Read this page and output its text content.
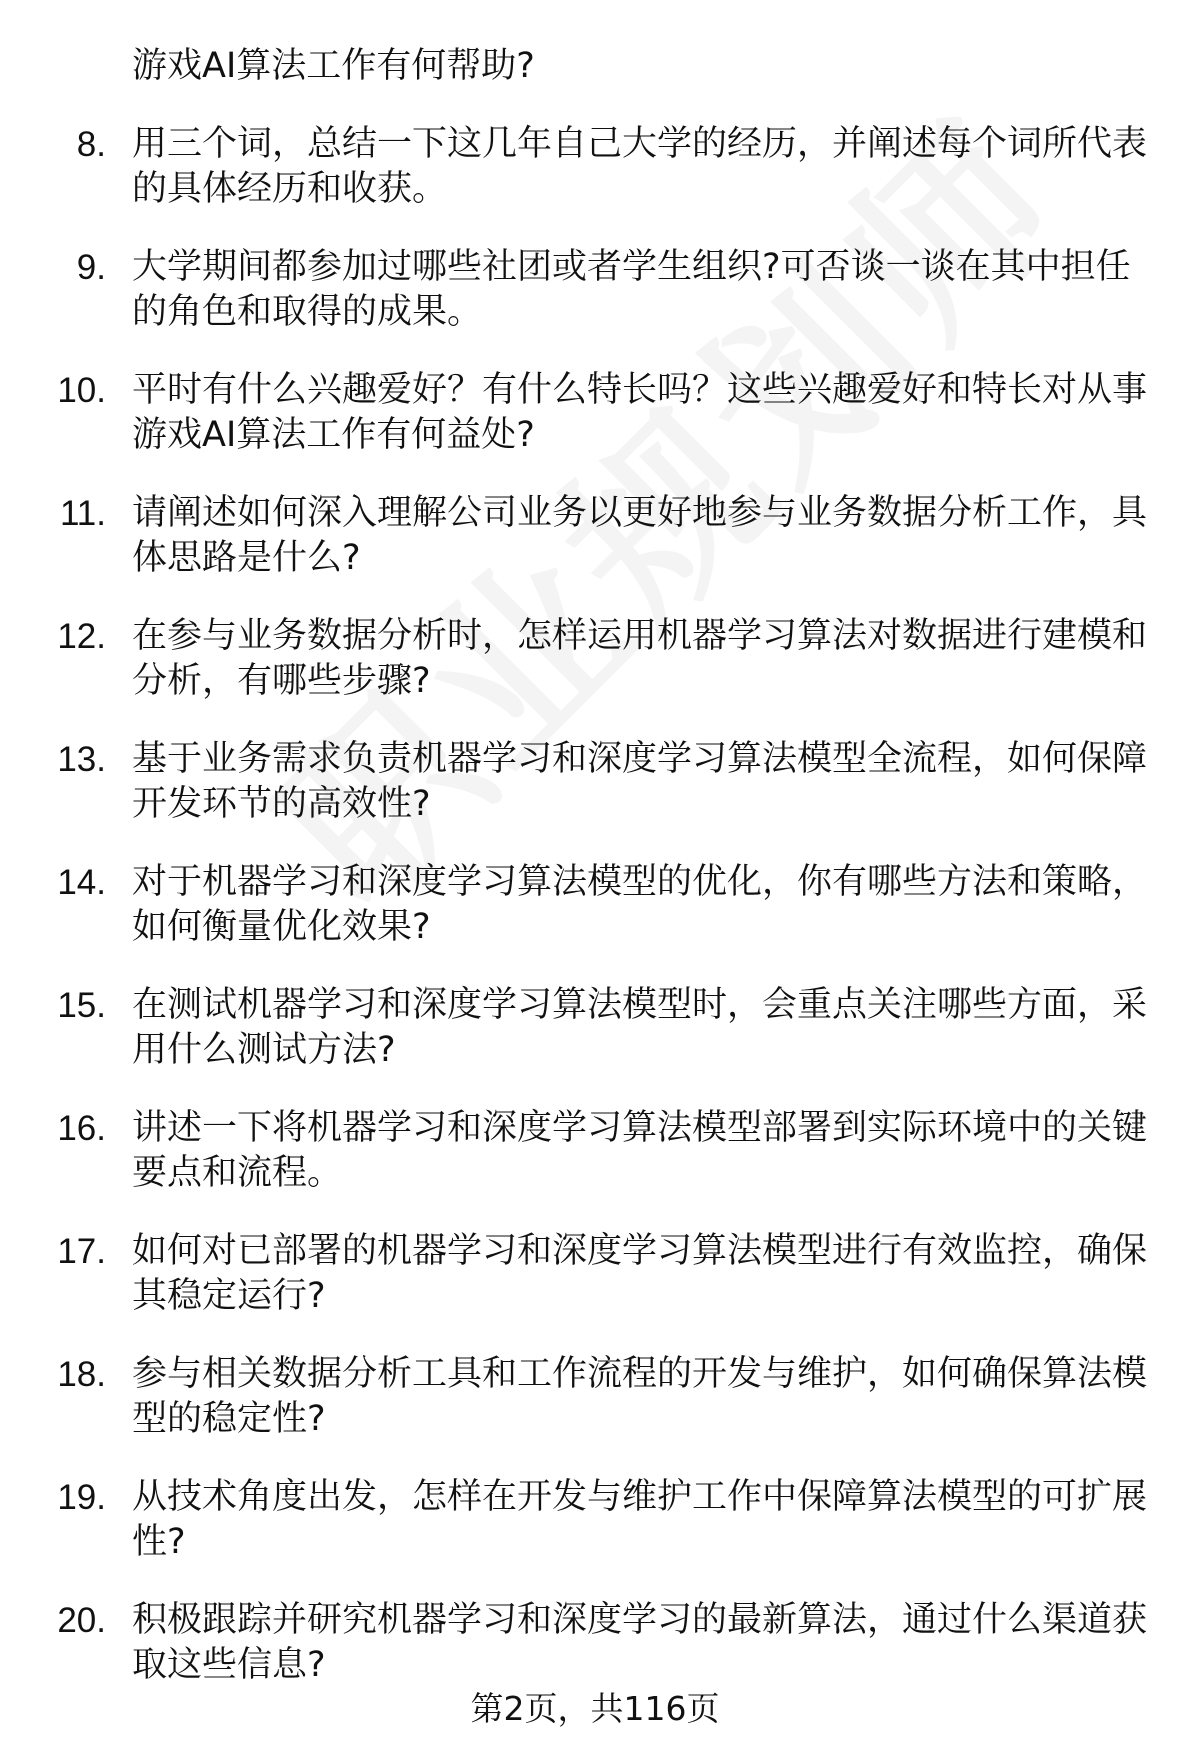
游戏AI算法工作有何帮助?
8. 用三个词，总结一下这几年自己大学的经历，并阐述每个词所代表的具体经历和收获。
9. 大学期间都参加过哪些社团或者学生组织?可否谈一谈在其中担任的角色和取得的成果。
10. 平时有什么兴趣爱好？有什么特长吗？这些兴趣爱好和特长对从事游戏AI算法工作有何益处?
11. 请阐述如何深入理解公司业务以更好地参与业务数据分析工作，具体思路是什么?
12. 在参与业务数据分析时，怎样运用机器学习算法对数据进行建模和分析，有哪些步骤?
13. 基于业务需求负责机器学习和深度学习算法模型全流程，如何保障开发环节的高效性?
14. 对于机器学习和深度学习算法模型的优化，你有哪些方法和策略，如何衡量优化效果?
15. 在测试机器学习和深度学习算法模型时，会重点关注哪些方面，采用什么测试方法?
16. 讲述一下将机器学习和深度学习算法模型部署到实际环境中的关键要点和流程。
17. 如何对已部署的机器学习和深度学习算法模型进行有效监控，确保其稳定运行?
18. 参与相关数据分析工具和工作流程的开发与维护，如何确保算法模型的稳定性?
19. 从技术角度出发，怎样在开发与维护工作中保障算法模型的可扩展性?
20. 积极跟踪并研究机器学习和深度学习的最新算法，通过什么渠道获取这些信息?
第2页，共116页
